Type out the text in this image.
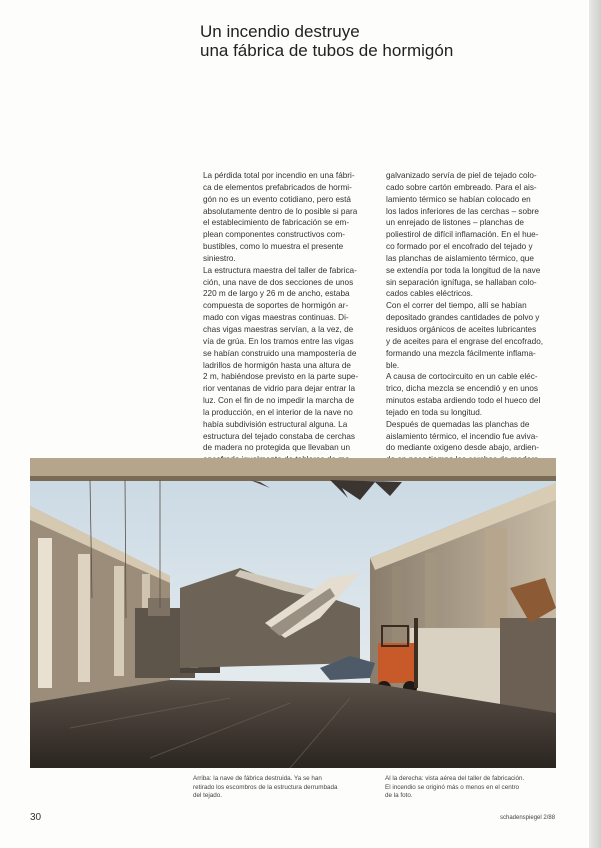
Un incendio destruye
una fábrica de tubos de hormigón

La pérdida total por incendio en una fábri-

ca de elementos prefabricados de hormi-

gón no es un evento cotidiano, pero está

absolutamente dentro de lo posible si para

el establecimiento de fabricación se em-

plean componentes constructivos com-

bustibles, como lo muestra el presente

siniestro.

La estructura maestra del taller de fabrica-

ción, una nave de dos secciones de unos

220 m de largo y 26 m de ancho, estaba

compuesta de soportes de hormigón ar-

mado con vigas maestras continuas. Di-

chas vigas maestras servían, a la vez, de

vía de grúa. En los tramos entre las vigas

se habían construido una mampostería de

ladrillos de hormigón hasta una altura de

2 m, habiéndose previsto en la parte supe-

rior ventanas de vidrio para dejar entrar la

luz. Con el fin de no impedir la marcha de

la producción, en el interior de la nave no

había subdivisión estructural alguna. La

estructura del tejado constaba de cerchas

de madera no protegida que llevaban un

galvanizado servía de piel de tejado colo-

cado sobre cartón embreado. Para el ais-

lamiento térmico se habían colocado en

los lados inferiores de las cerchas – sobre

un enrejado de listones – planchas de

poliestirol de difícil inflamación. En el hue-

co formado por el encofrado del tejado y

las planchas de aislamiento térmico, que

se extendía por toda la longitud de la nave

sin separación ignífuga, se hallaban colo-

cados cables eléctricos.

Con el correr del tiempo, allí se habían

depositado grandes cantidades de polvo y

residuos orgánicos de aceites lubricantes

y de aceites para el engrase del encofrado,

formando una mezcla fácilmente inflama-

ble.

A causa de cortocircuito en un cable eléc-

trico, dicha mezcla se encendió y en unos

minutos estaba ardiendo todo el hueco del

tejado en toda su longitud.

Después de quemadas las planchas de

aislamiento térmico, el incendio fue aviva-

do mediante oxigeno desde abajo, ardien-

Arriba: la nave de fábrica destruida. Ya se han
retirado los escombros de la estructura derrumbada
del tejado.
Al la derecha: vista aérea del taller de fabricación.
El incendio se originó más o menos en el centro
de la foto.
30	schadenspiegel 2/88
